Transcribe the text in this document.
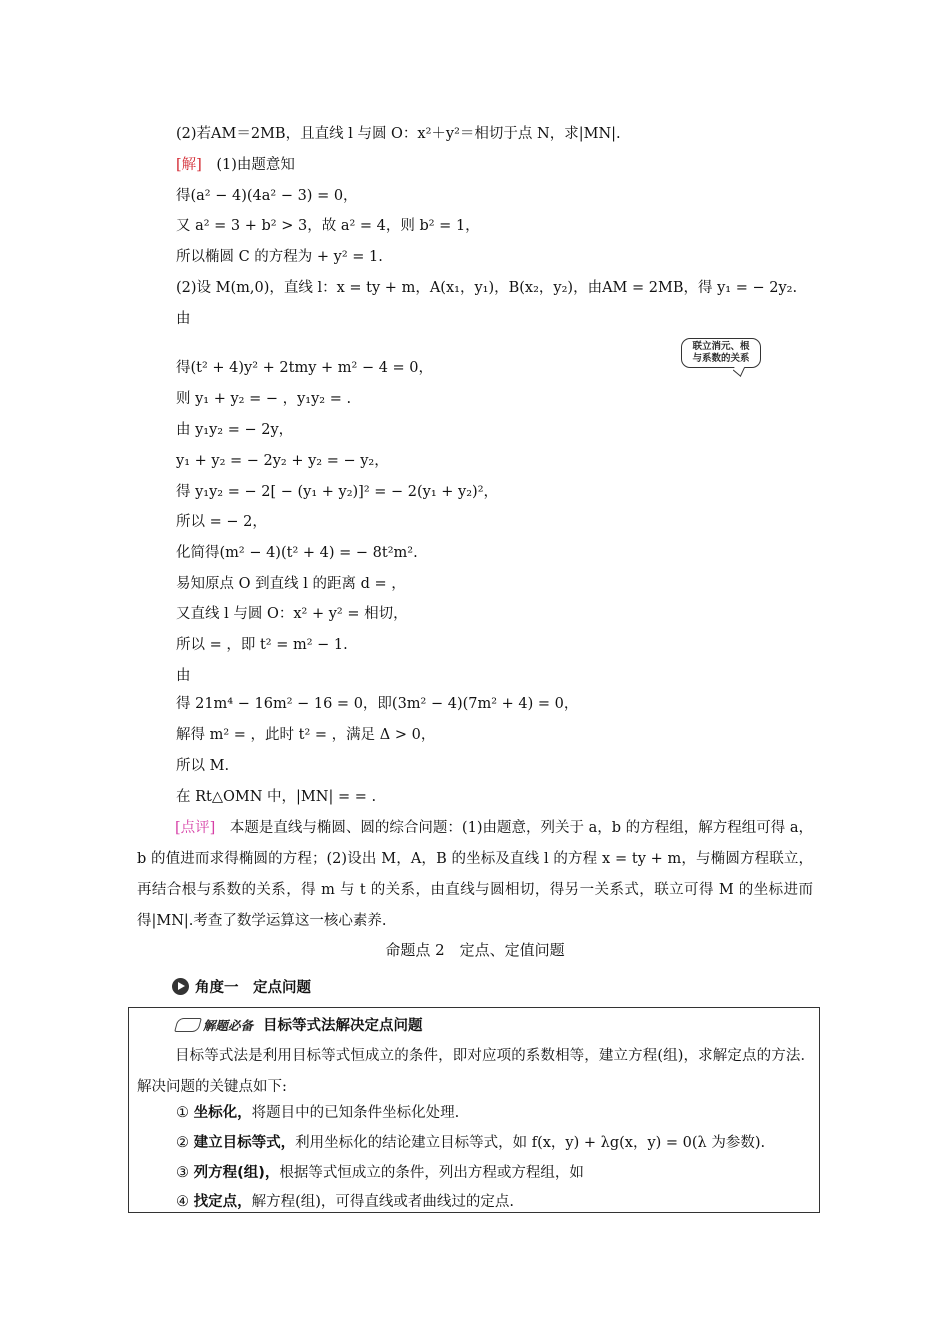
(2)若AM＝2MB，且直线 l 与圆 O：x²＋y²＝相切于点 N，求|MN|.
[解]　(1)由题意知
得(a² − 4)(4a² − 3) = 0，
又 a² = 3 + b² > 3，故 a² = 4，则 b² = 1，
所以椭圆 C 的方程为 + y² = 1.
(2)设 M(m,0)，直线 l：x = ty + m，A(x₁，y₁)，B(x₂，y₂)，由AM = 2MB，得 y₁ = − 2y₂.
由
联立消元、根
与系数的关系
得(t² + 4)y² + 2tmy + m² − 4 = 0，
则 y₁ + y₂ = − ，y₁y₂ = .
由 y₁y₂ = − 2y，
y₁ + y₂ = − 2y₂ + y₂ = − y₂，
得 y₁y₂ = − 2[ − (y₁ + y₂)]² = − 2(y₁ + y₂)²，
所以 = − 2，
化简得(m² − 4)(t² + 4) = − 8t²m².
易知原点 O 到直线 l 的距离 d = ，
又直线 l 与圆 O：x² + y² = 相切，
所以 = ，即 t² = m² − 1.
由
得 21m⁴ − 16m² − 16 = 0，即(3m² − 4)(7m² + 4) = 0，
解得 m² = ，此时 t² = ，满足 Δ > 0，
所以 M.
在 Rt△OMN 中，|MN| = = .
[点评]　本题是直线与椭圆、圆的综合问题：(1)由题意，列关于 a，b 的方程组，解方程组可得 a，b 的值进而求得椭圆的方程；(2)设出 M，A，B 的坐标及直线 l 的方程 x = ty + m，与椭圆方程联立，再结合根与系数的关系，得 m 与 t 的关系，由直线与圆相切，得另一关系式，联立可得 M 的坐标进而得|MN|.考查了数学运算这一核心素养.
命题点 2　定点、定值问题
角度一　定点问题
解题必备 目标等式法解决定点问题
目标等式法是利用目标等式恒成立的条件，即对应项的系数相等，建立方程(组)，求解定点的方法．解决问题的关键点如下:
① 坐标化，将题目中的已知条件坐标化处理.
② 建立目标等式，利用坐标化的结论建立目标等式，如 f(x，y) + λg(x，y) = 0(λ 为参数).
③ 列方程(组)，根据等式恒成立的条件，列出方程或方程组，如
④ 找定点，解方程(组)，可得直线或者曲线过的定点.
